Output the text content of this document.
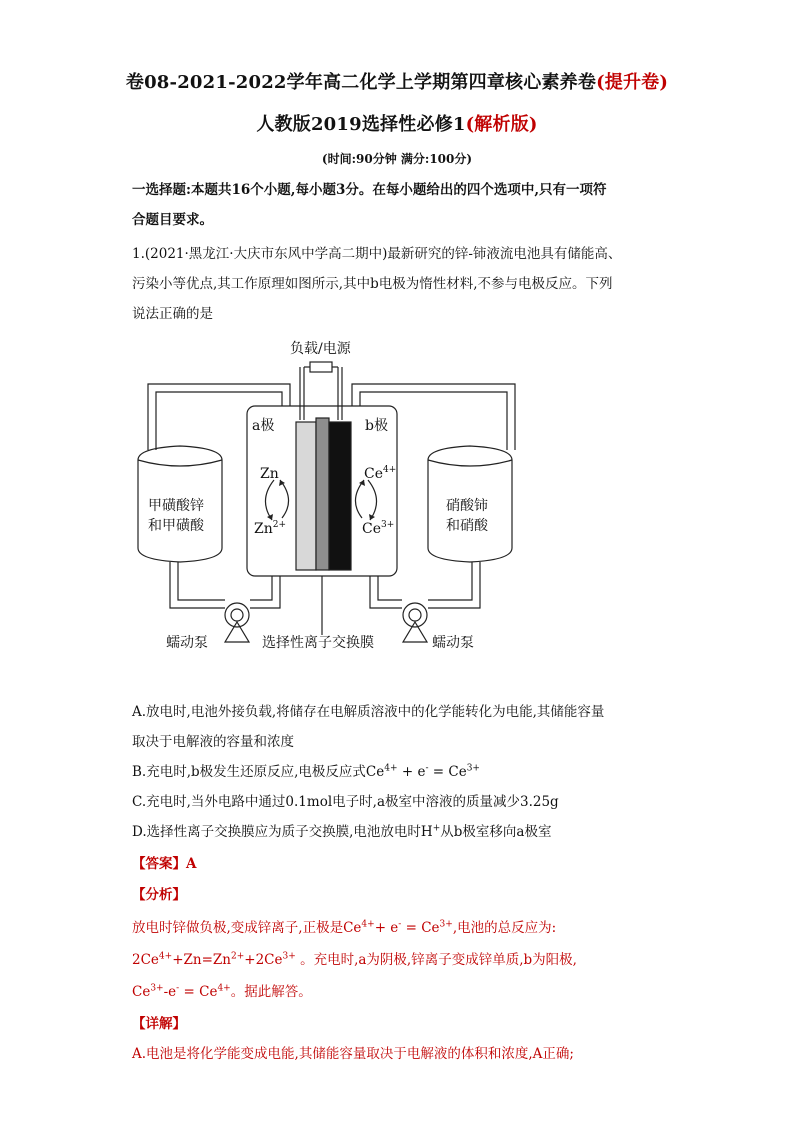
卷08-2021-2022学年高二化学上学期第四章核心素养卷(提升卷)
人教版2019选择性必修1(解析版)
(时间:90分钟 满分:100分)
一选择题:本题共16个小题,每小题3分。在每小题给出的四个选项中,只有一项符
合题目要求。
1.(2021·黑龙江·大庆市东风中学高二期中)最新研究的锌‑铈液流电池具有储能高、
污染小等优点,其工作原理如图所示,其中b电极为惰性材料,不参与电极反应。下列
说法正确的是
负载/电源
a极	b极
Zn
$Zn^{2+}$
$Ce^{4+}$
$Ce^{3+}$
甲磺酸锌
和甲磺酸
硝酸铈
和硝酸
蠕动泵	蠕动泵
选择性离子交换膜
A.放电时,电池外接负载,将储存在电解质溶液中的化学能转化为电能,其储能容量
取决于电解液的容量和浓度
B.充电时,b极发生还原反应,电极反应式$Ce^{4+} + e^- = Ce^{3+}$
C.充电时,当外电路中通过0.1mol电子时,a极室中溶液的质量减少3.25g
D.选择性离子交换膜应为质子交换膜,电池放电时H+从b极室移向a极室
【答案】A
【分析】
放电时锌做负极,变成锌离子,正极是$Ce^{4+}+ e^- = Ce^{3+}$,电池的总反应为:
$2Ce^{4+}+Zn=Zn^{2+}+2Ce^{3+}$ 。充电时,a为阴极,锌离子变成锌单质,b为阳极,
$Ce^{3+}-e^- = Ce^{4+}$。据此解答。
【详解】
A.电池是将化学能变成电能,其储能容量取决于电解液的体积和浓度,A正确;
